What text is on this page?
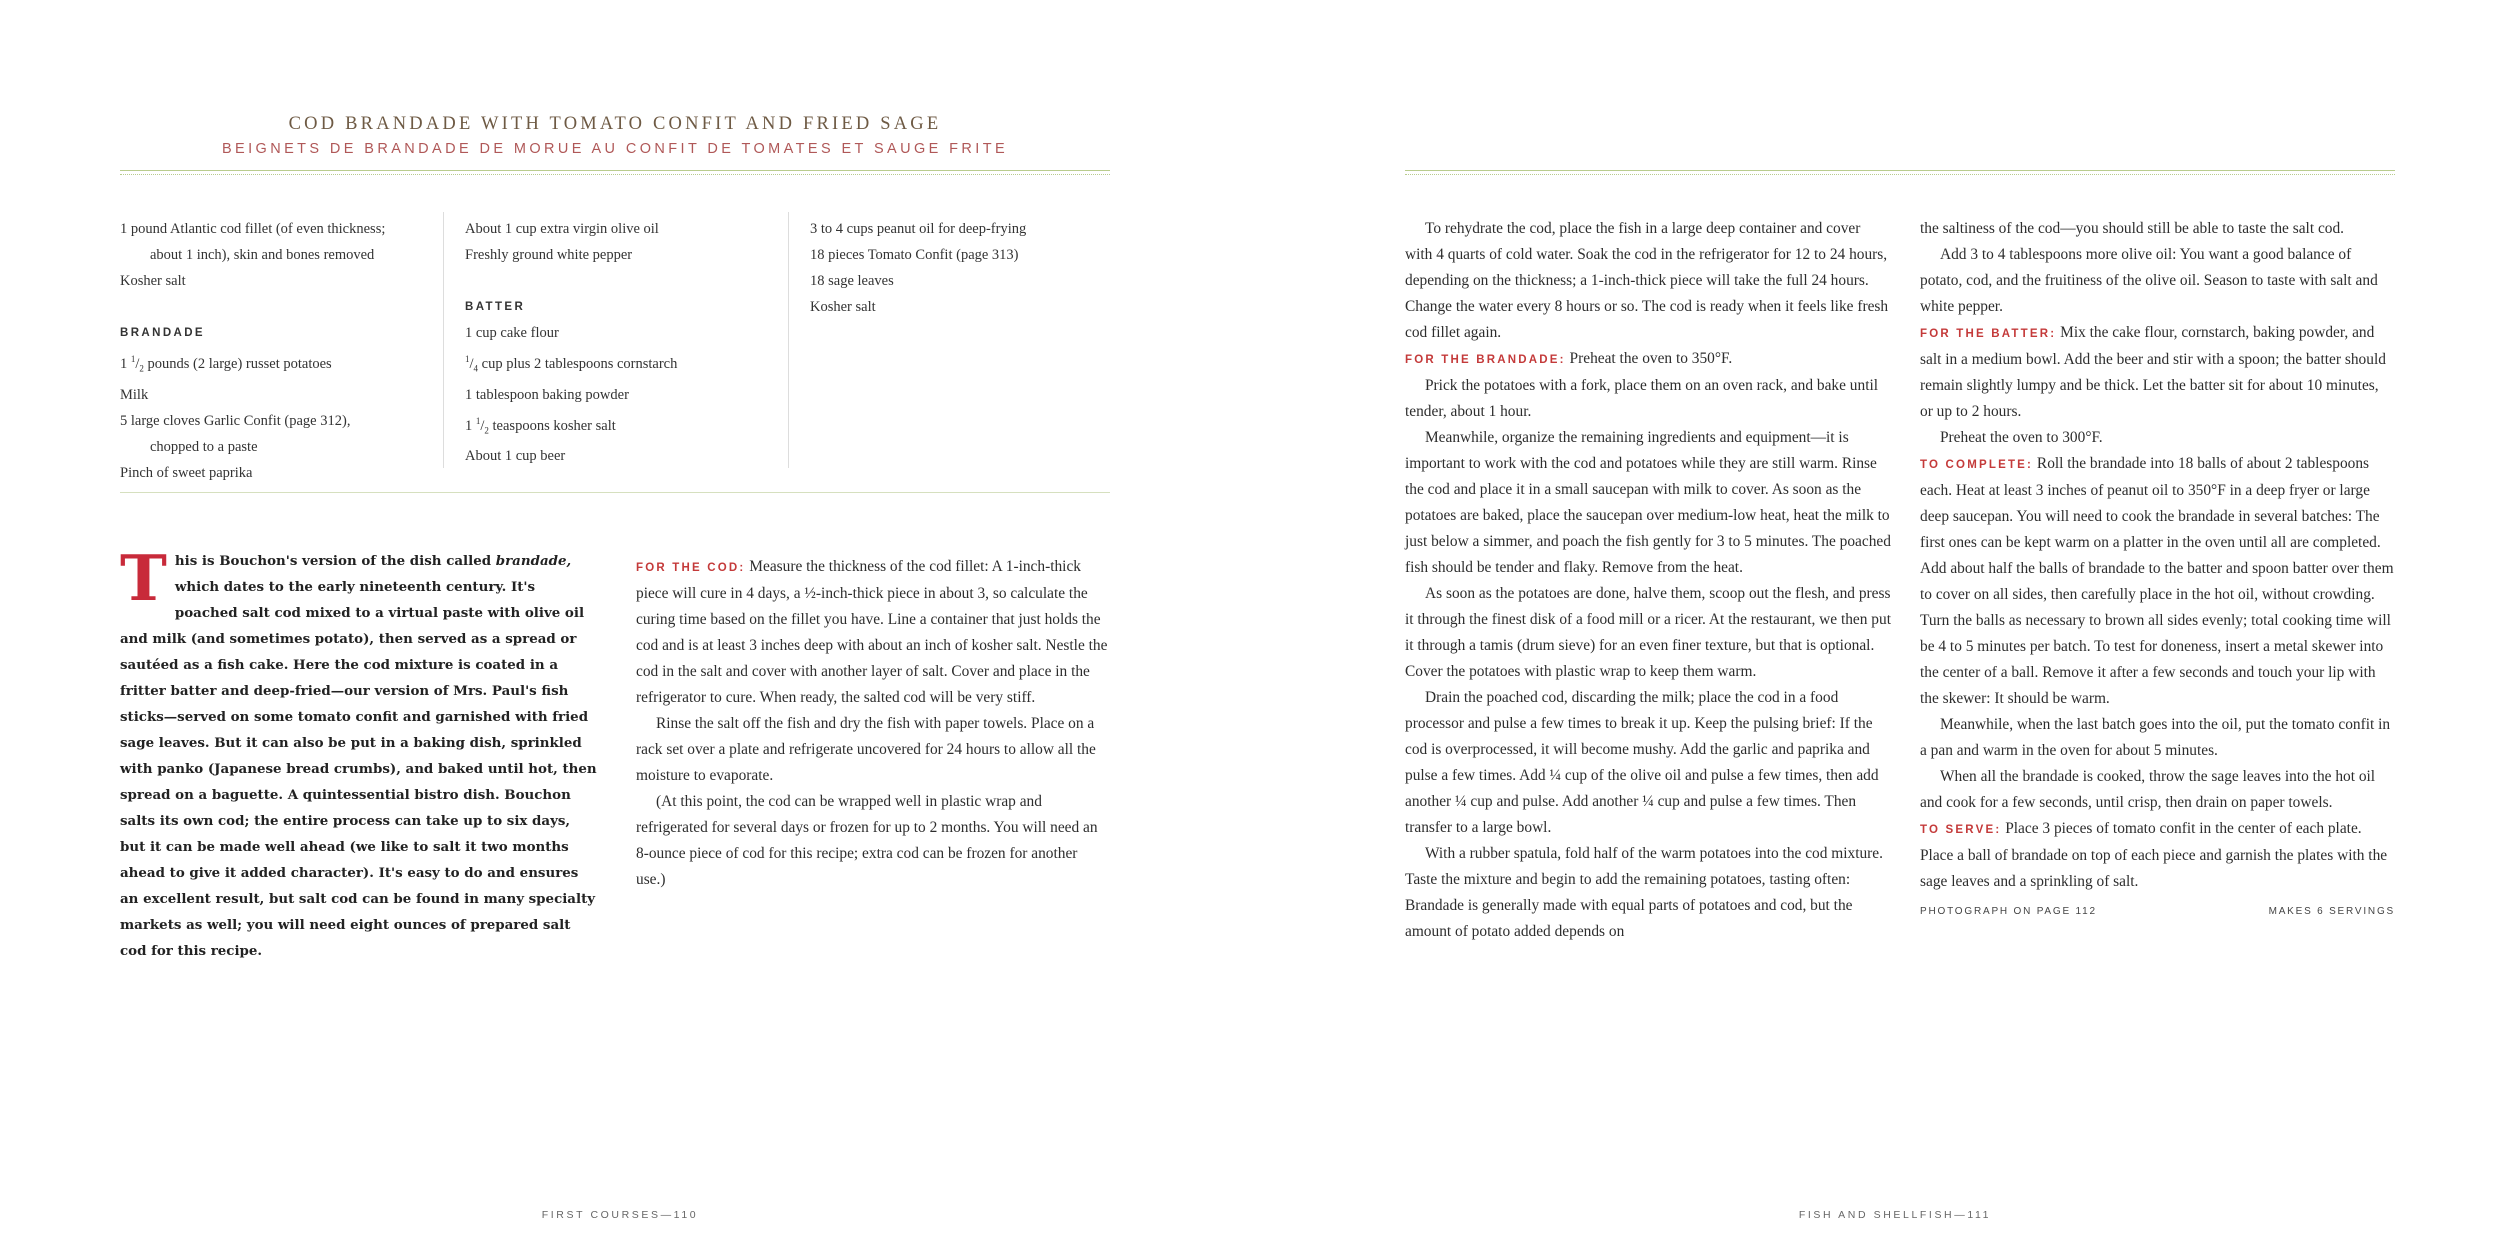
COD BRANDADE WITH TOMATO CONFIT AND FRIED SAGE

BEIGNETS DE BRANDADE DE MORUE AU CONFIT DE TOMATES ET SAUGE FRITE

1 pound Atlantic cod fillet (of even thickness;

about 1 inch), skin and bones removed

Kosher salt

BRANDADE

1 $^1/_2$ pounds (2 large) russet potatoes

Milk

5 large cloves Garlic Confit (page 312),

chopped to a paste

Pinch of sweet paprika

About 1 cup extra virgin olive oil

Freshly ground white pepper

BATTER

1 cup cake flour

$^1/_4$ cup plus 2 tablespoons cornstarch

1 tablespoon baking powder

1 $^1/_2$ teaspoons kosher salt

About 1 cup beer

3 to 4 cups peanut oil for deep-frying

18 pieces Tomato Confit (page 313)

18 sage leaves

Kosher salt

T his is Bouchon's version of the dish called brandade, which dates to the early nineteenth century. It's poached salt cod mixed to a virtual paste with olive oil and milk (and sometimes potato), then served as a spread or sautéed as a fish cake. Here the cod mixture is coated in a fritter batter and deep-fried—our version of Mrs. Paul's fish sticks—served on some tomato confit and garnished with fried sage leaves. But it can also be put in a baking dish, sprinkled with panko (Japanese bread crumbs), and baked until hot, then spread on a baguette. A quintessential bistro dish. Bouchon salts its own cod; the entire process can take up to six days, but it can be made well ahead (we like to salt it two months ahead to give it added character). It's easy to do and ensures an excellent result, but salt cod can be found in many specialty markets as well; you will need eight ounces of prepared salt cod for this recipe.

FOR THE COD: Measure the thickness of the cod fillet: A 1-inch-thick piece will cure in 4 days, a ½-inch-thick piece in about 3, so calculate the curing time based on the fillet you have. Line a container that just holds the cod and is at least 3 inches deep with about an inch of kosher salt. Nestle the cod in the salt and cover with another layer of salt. Cover and place in the refrigerator to cure. When ready, the salted cod will be very stiff.

Rinse the salt off the fish and dry the fish with paper towels. Place on a rack set over a plate and refrigerate uncovered for 24 hours to allow all the moisture to evaporate.

(At this point, the cod can be wrapped well in plastic wrap and refrigerated for several days or frozen for up to 2 months. You will need an 8-ounce piece of cod for this recipe; extra cod can be frozen for another use.)

FIRST COURSES—110

To rehydrate the cod, place the fish in a large deep container and cover with 4 quarts of cold water. Soak the cod in the refrigerator for 12 to 24 hours, depending on the thickness; a 1-inch-thick piece will take the full 24 hours. Change the water every 8 hours or so. The cod is ready when it feels like fresh cod fillet again.

FOR THE BRANDADE: Preheat the oven to 350°F.

Prick the potatoes with a fork, place them on an oven rack, and bake until tender, about 1 hour.

Meanwhile, organize the remaining ingredients and equipment—it is important to work with the cod and potatoes while they are still warm. Rinse the cod and place it in a small saucepan with milk to cover. As soon as the potatoes are baked, place the saucepan over medium-low heat, heat the milk to just below a simmer, and poach the fish gently for 3 to 5 minutes. The poached fish should be tender and flaky. Remove from the heat.

As soon as the potatoes are done, halve them, scoop out the flesh, and press it through the finest disk of a food mill or a ricer. At the restaurant, we then put it through a tamis (drum sieve) for an even finer texture, but that is optional. Cover the potatoes with plastic wrap to keep them warm.

Drain the poached cod, discarding the milk; place the cod in a food processor and pulse a few times to break it up. Keep the pulsing brief: If the cod is overprocessed, it will become mushy. Add the garlic and paprika and pulse a few times. Add ¼ cup of the olive oil and pulse a few times, then add another ¼ cup and pulse. Add another ¼ cup and pulse a few times. Then transfer to a large bowl.

With a rubber spatula, fold half of the warm potatoes into the cod mixture. Taste the mixture and begin to add the remaining potatoes, tasting often: Brandade is generally made with equal parts of potatoes and cod, but the amount of potato added depends on

the saltiness of the cod—you should still be able to taste the salt cod.

Add 3 to 4 tablespoons more olive oil: You want a good balance of potato, cod, and the fruitiness of the olive oil. Season to taste with salt and white pepper.

FOR THE BATTER: Mix the cake flour, cornstarch, baking powder, and salt in a medium bowl. Add the beer and stir with a spoon; the batter should remain slightly lumpy and be thick. Let the batter sit for about 10 minutes, or up to 2 hours.

Preheat the oven to 300°F.

TO COMPLETE: Roll the brandade into 18 balls of about 2 tablespoons each. Heat at least 3 inches of peanut oil to 350°F in a deep fryer or large deep saucepan. You will need to cook the brandade in several batches: The first ones can be kept warm on a platter in the oven until all are completed. Add about half the balls of brandade to the batter and spoon batter over them to cover on all sides, then carefully place in the hot oil, without crowding. Turn the balls as necessary to brown all sides evenly; total cooking time will be 4 to 5 minutes per batch. To test for doneness, insert a metal skewer into the center of a ball. Remove it after a few seconds and touch your lip with the skewer: It should be warm.

Meanwhile, when the last batch goes into the oil, put the tomato confit in a pan and warm in the oven for about 5 minutes.

When all the brandade is cooked, throw the sage leaves into the hot oil and cook for a few seconds, until crisp, then drain on paper towels.

TO SERVE: Place 3 pieces of tomato confit in the center of each plate. Place a ball of brandade on top of each piece and garnish the plates with the sage leaves and a sprinkling of salt.

PHOTOGRAPH ON PAGE 112	MAKES 6 SERVINGS
FISH AND SHELLFISH—111
